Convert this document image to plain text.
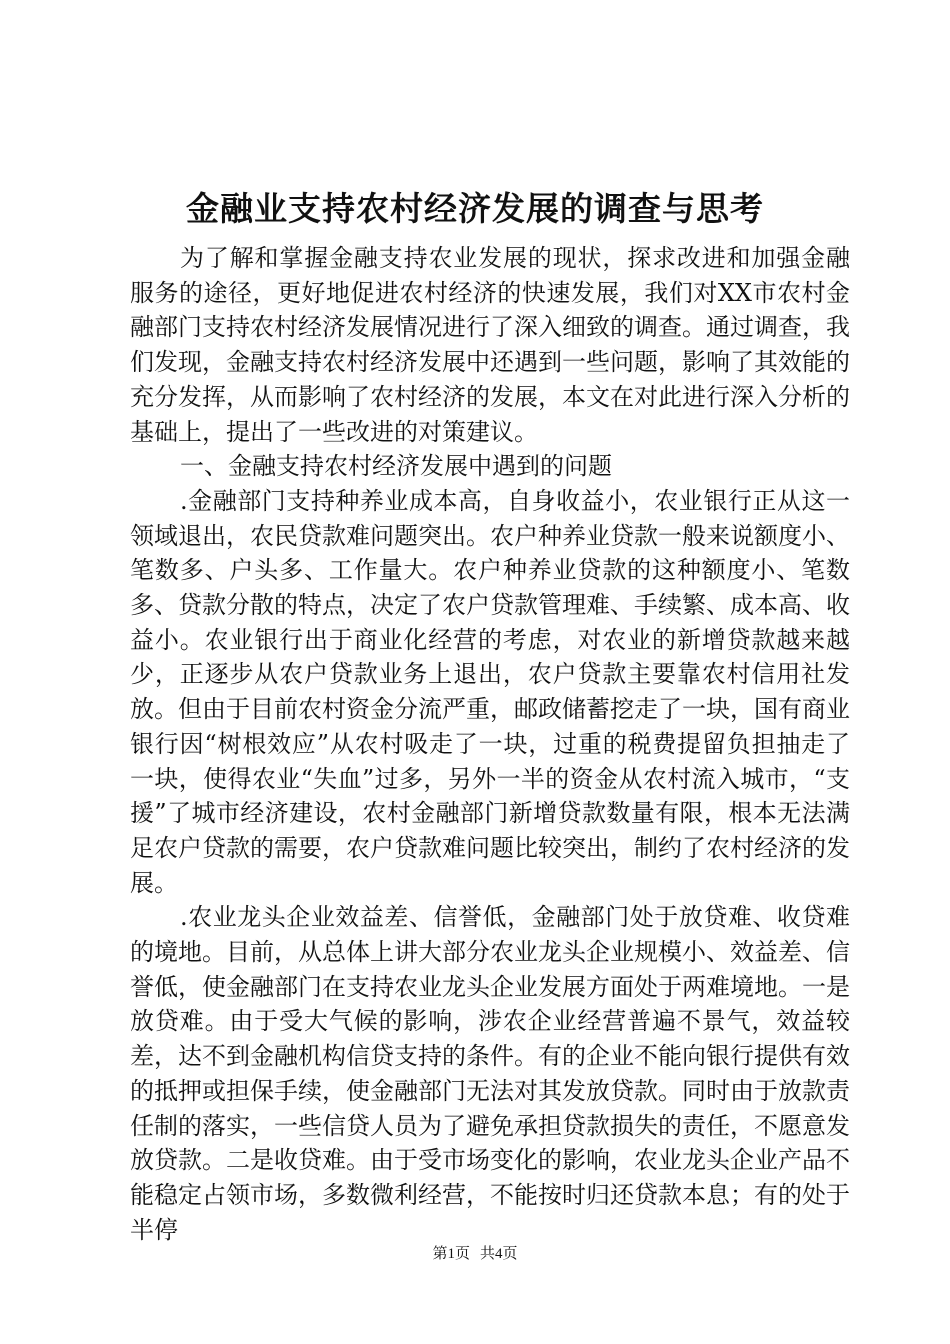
金融业支持农村经济发展的调查与思考

为了解和掌握金融支持农业发展的现状，探求改进和加强金融服务的途径，更好地促进农村经济的快速发展，我们对XX市农村金融部门支持农村经济发展情况进行了深入细致的调查。通过调查，我们发现，金融支持农村经济发展中还遇到一些问题，影响了其效能的充分发挥，从而影响了农村经济的发展，本文在对此进行深入分析的基础上，提出了一些改进的对策建议。

一、金融支持农村经济发展中遇到的问题

.金融部门支持种养业成本高，自身收益小，农业银行正从这一领域退出，农民贷款难问题突出。农户种养业贷款一般来说额度小、笔数多、户头多、工作量大。农户种养业贷款的这种额度小、笔数多、贷款分散的特点，决定了农户贷款管理难、手续繁、成本高、收益小。农业银行出于商业化经营的考虑，对农业的新增贷款越来越少，正逐步从农户贷款业务上退出，农户贷款主要靠农村信用社发放。但由于目前农村资金分流严重，邮政储蓄挖走了一块，国有商业银行因“树根效应”从农村吸走了一块，过重的税费提留负担抽走了一块，使得农业“失血”过多，另外一半的资金从农村流入城市，“支援”了城市经济建设，农村金融部门新增贷款数量有限，根本无法满足农户贷款的需要，农户贷款难问题比较突出，制约了农村经济的发展。

.农业龙头企业效益差、信誉低，金融部门处于放贷难、收贷难的境地。目前，从总体上讲大部分农业龙头企业规模小、效益差、信誉低，使金融部门在支持农业龙头企业发展方面处于两难境地。一是放贷难。由于受大气候的影响，涉农企业经营普遍不景气，效益较差，达不到金融机构信贷支持的条件。有的企业不能向银行提供有效的抵押或担保手续，使金融部门无法对其发放贷款。同时由于放款责任制的落实，一些信贷人员为了避免承担贷款损失的责任，不愿意发放贷款。二是收贷难。由于受市场变化的影响，农业龙头企业产品不能稳定占领市场，多数微利经营，不能按时归还贷款本息；有的处于半停

第1页 共4页
